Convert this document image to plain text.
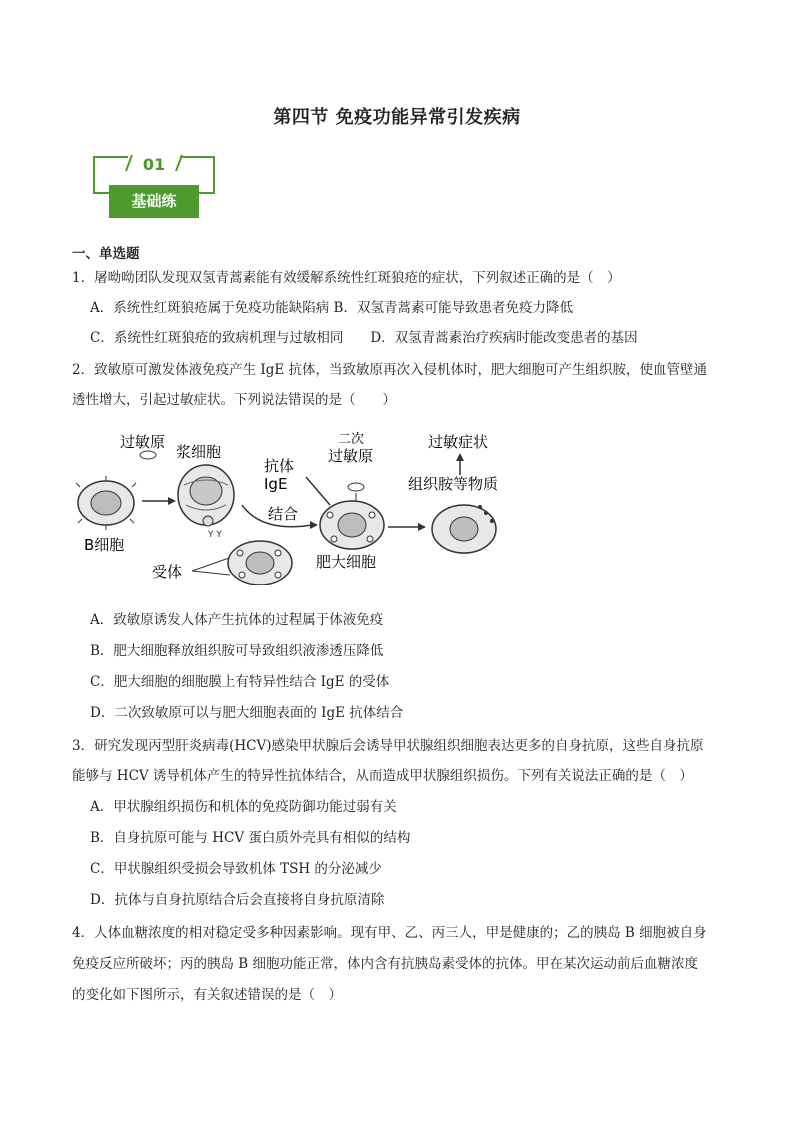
第四节 免疫功能异常引发疾病
01
基础练
一、单选题
1．屠呦呦团队发现双氢青蒿素能有效缓解系统性红斑狼疮的症状，下列叙述正确的是（　）
A．系统性红斑狼疮属于免疫功能缺陷病 B．双氢青蒿素可能导致患者免疫力降低
C．系统性红斑狼疮的致病机理与过敏相同　　D．双氢青蒿素治疗疾病时能改变患者的基因
2．致敏原可激发体液免疫产生 IgE 抗体，当致敏原再次入侵机体时，肥大细胞可产生组织胺，使血管壁通
透性增大，引起过敏症状。下列说法错误的是（　　）
B细胞
过敏原
浆细胞
Y Y
抗体
IgE
结合
受体
二次
过敏原
肥大细胞
过敏症状
组织胺等物质
A．致敏原诱发人体产生抗体的过程属于体液免疫
B．肥大细胞释放组织胺可导致组织液渗透压降低
C．肥大细胞的细胞膜上有特异性结合 IgE 的受体
D．二次致敏原可以与肥大细胞表面的 IgE 抗体结合
3．研究发现丙型肝炎病毒(HCV)感染甲状腺后会诱导甲状腺组织细胞表达更多的自身抗原，这些自身抗原
能够与 HCV 诱导机体产生的特异性抗体结合，从而造成甲状腺组织损伤。下列有关说法正确的是（　）
A．甲状腺组织损伤和机体的免疫防御功能过弱有关
B．自身抗原可能与 HCV 蛋白质外壳具有相似的结构
C．甲状腺组织受损会导致机体 TSH 的分泌减少
D．抗体与自身抗原结合后会直接将自身抗原清除
4．人体血糖浓度的相对稳定受多种因素影响。现有甲、乙、丙三人，甲是健康的；乙的胰岛 B 细胞被自身
免疫反应所破坏；丙的胰岛 B 细胞功能正常，体内含有抗胰岛素受体的抗体。甲在某次运动前后血糖浓度
的变化如下图所示，有关叙述错误的是（　）
